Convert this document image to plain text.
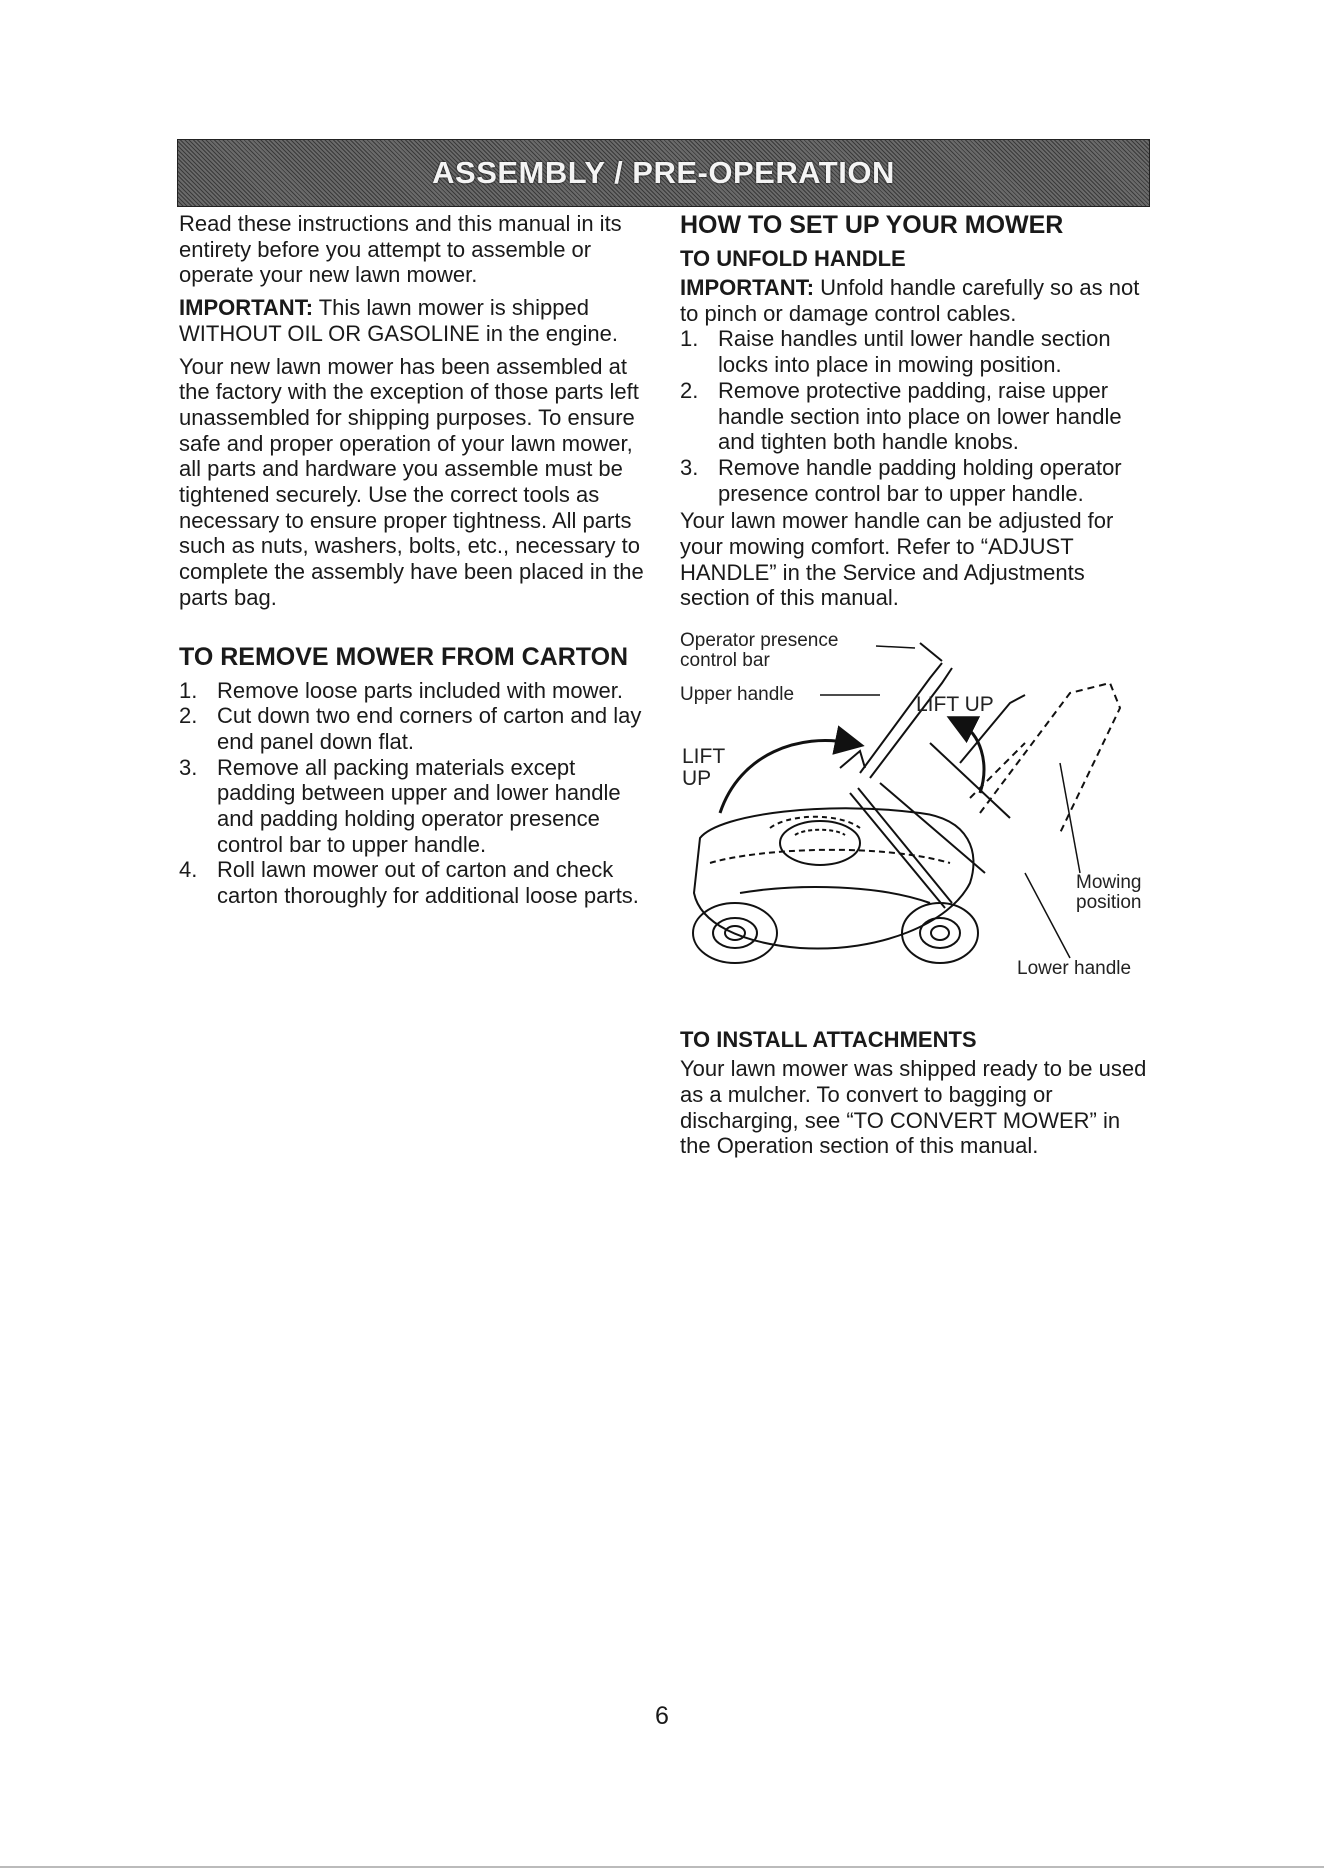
ASSEMBLY / PRE-OPERATION

Read these instructions and this manual in its entirety before you attempt to assemble or operate your new lawn mower.

IMPORTANT: This lawn mower is shipped WITHOUT OIL OR GASOLINE in the engine.

Your new lawn mower has been assembled at the factory with the exception of those parts left unassembled for shipping purposes. To ensure safe and proper operation of your lawn mower, all parts and hardware you assemble must be tightened securely. Use the correct tools as necessary to ensure proper tightness. All parts such as nuts, washers, bolts, etc., necessary to complete the assembly have been placed in the parts bag.

TO REMOVE MOWER FROM CARTON
1. Remove loose parts included with mower.
2. Cut down two end corners of carton and lay end panel down flat.
3. Remove all packing materials except padding between upper and lower handle and padding holding operator presence control bar to upper handle.
4. Roll lawn mower out of carton and check carton thoroughly for additional loose parts.
HOW TO SET UP YOUR MOWER
TO UNFOLD HANDLE

IMPORTANT: Unfold handle carefully so as not to pinch or damage control cables.

1. Raise handles until lower handle section locks into place in mowing position.
2. Remove protective padding, raise upper handle section into place on lower handle and tighten both handle knobs.
3. Remove handle padding holding operator presence control bar to upper handle.

Your lawn mower handle can be adjusted for your mowing comfort. Refer to “ADJUST HANDLE” in the Service and Adjustments section of this manual.

Operator presence
control bar
Upper handle	LIFT UP
LIFT
UP
Mowing
position
Lower handle
TO INSTALL ATTACHMENTS

Your lawn mower was shipped ready to be used as a mulcher. To convert to bagging or discharging, see “TO CONVERT MOWER” in the Operation section of this manual.

6
